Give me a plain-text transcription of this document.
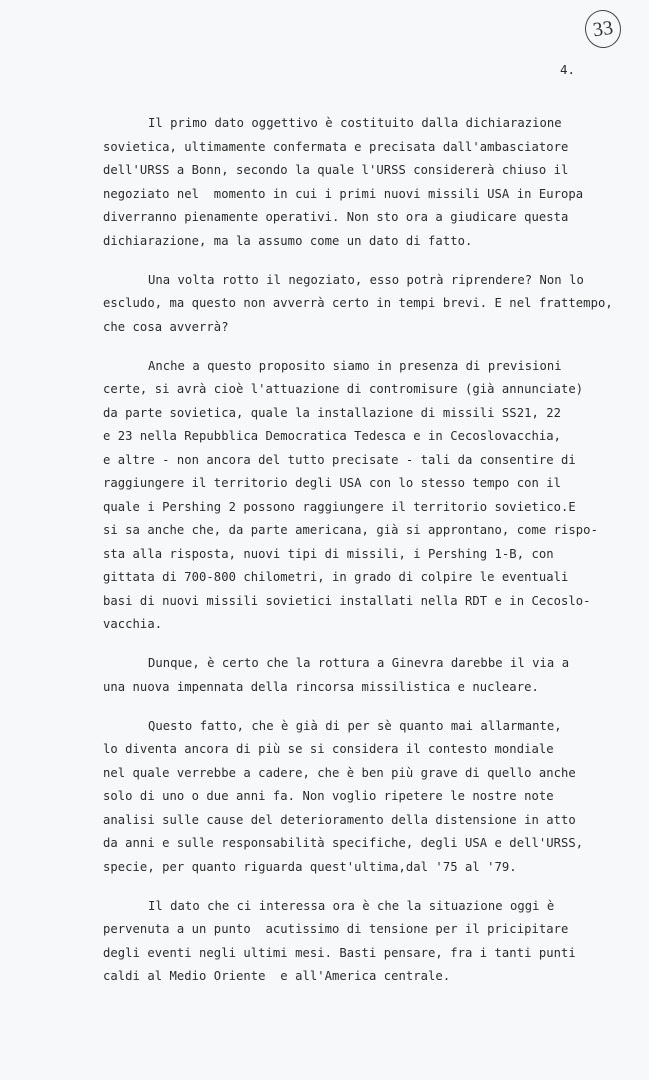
33
4.

Il primo dato oggettivo è costituito dalla dichiarazione
sovietica, ultimamente confermata e precisata dall'ambasciatore
dell'URSS a Bonn, secondo la quale l'URSS considererà chiuso il
negoziato nel  momento in cui i primi nuovi missili USA in Europa
diverranno pienamente operativi. Non sto ora a giudicare questa
dichiarazione, ma la assumo come un dato di fatto.

Una volta rotto il negoziato, esso potrà riprendere? Non lo
escludo, ma questo non avverrà certo in tempi brevi. E nel frattempo,
che cosa avverrà?

Anche a questo proposito siamo in presenza di previsioni
certe, si avrà cioè l'attuazione di contromisure (già annunciate)
da parte sovietica, quale la installazione di missili SS21, 22
e 23 nella Repubblica Democratica Tedesca e in Cecoslovacchia,
e altre - non ancora del tutto precisate - tali da consentire di
raggiungere il territorio degli USA con lo stesso tempo con il
quale i Pershing 2 possono raggiungere il territorio sovietico.E
si sa anche che, da parte americana, già si approntano, come rispo-
sta alla risposta, nuovi tipi di missili, i Pershing 1-B, con
gittata di 700-800 chilometri, in grado di colpire le eventuali
basi di nuovi missili sovietici installati nella RDT e in Cecoslo-
vacchia.

Dunque, è certo che la rottura a Ginevra darebbe il via a
una nuova impennata della rincorsa missilistica e nucleare.

Questo fatto, che è già di per sè quanto mai allarmante,
lo diventa ancora di più se si considera il contesto mondiale
nel quale verrebbe a cadere, che è ben più grave di quello anche
solo di uno o due anni fa. Non voglio ripetere le nostre note
analisi sulle cause del deterioramento della distensione in atto
da anni e sulle responsabilità specifiche, degli USA e dell'URSS,
specie, per quanto riguarda quest'ultima,dal '75 al '79.

Il dato che ci interessa ora è che la situazione oggi è
pervenuta a un punto  acutissimo di tensione per il pricipitare
degli eventi negli ultimi mesi. Basti pensare, fra i tanti punti
caldi al Medio Oriente  e all'America centrale.
